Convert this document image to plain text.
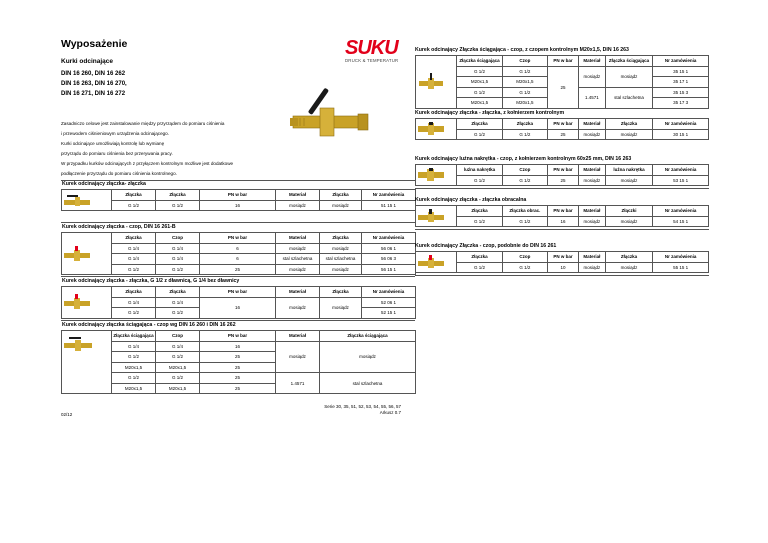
Wyposażenie
Kurki odcinające
DIN 16 260, DIN 16 262
DIN 16 263, DIN 16 270,
DIN 16 271, DIN 16 272
SUKU
DRUCK & TEMPERATUR
Zasadniczo celowe jest zainstalowanie między przyrządem do pomiaru ciśnienia
i przewodem ciśnieniowym urządzenia odcinającego.
Kurki odcinające umożliwiają kontrolę lub wymianę
przyrządu do pomiaru ciśnienia bez przerywania pracy.
W przypadku kurków odcinających z przyłączem kontrolnym możliwe jest dodatkowe
podłączenie przyrządu do pomiaru ciśnienia kontrolnego.
Kurek odcinający Złączka ściągająca - czop, z czopem kontrolnym M20x1,5, DIN 16 263
	Złączka ściągająca	Czop	PN w bar	Materiał	Złączka ściągająca	Nr zamówienia
	G 1/2	G 1/2	25	mosiądz	mosiądz	35 15 1
	M20x1,5	M20x1,5				35 17 1
	G 1/2	G 1/2		1.4571	stal szlachetna	35 15 3
	M20x1,5	M20x1,5				35 17 3
Kurek odcinający złączka - złączka, z kołnierzem kontrolnym
	Złączka	Złączka	PN w bar	Materiał	Złączka	Nr zamówienia
	G 1/2	G 1/2	25	mosiądz	mosiądz	30 15 1
Kurek odcinający luźna nakrętka - czop, z kołnierzem kontrolnym 60x25 mm, DIN 16 263
	luźna nakrętka	Czop	PN w bar	Materiał	luźna nakrętka	Nr zamówienia
	G 1/2	G 1/2	25	mosiądz	mosiądz	53 15 1
Kurek odcinający złączka- złączka
	Złączka	Złączka	PN w bar	Materiał	Złączka	Nr zamówienia
	G 1/2	G 1/2	16	mosiądz	mosiądz	51 15 1
Kurek odcinający złączka - złączka obracalna
	Złączka	Złączka obrac.	PN w bar	Materiał	Złączki	Nr zamówienia
	G 1/2	G 1/2	16	mosiądz	mosiądz	54 15 1
Kurek odcinający złączka - czop, DIN 16 261-B
	Złączka	Czop	PN w bar	Materiał	Złączka	Nr zamówienia
	G 1/4	G 1/4	6	mosiądz	mosiądz	56 06 1
	G 1/4	G 1/4	6	stal szlachetna	stal szlachetna	56 06 3
	G 1/2	G 1/2	25	mosiądz	mosiądz	56 15 1
Kurek odcinający Złączka - czop, podobnie do DIN 16 261
	Złączka	Czop	PN w bar	Materiał	Złączka	Nr zamówienia
	G 1/2	G 1/2	10	mosiądz	mosiądz	55 15 1
Kurek odcinający złączka - złączka, G 1/2 z dławnicą, G 1/4 bez dławnicy
	Złączka	Złączka	PN w bar	Materiał	Złączka	Nr zamówienia
	G 1/4	G 1/4	16	mosiądz	mosiądz	52 06 1
	G 1/2	G 1/2				52 15 1
Kurek odcinający złączka ściągająca - czop wg DIN 16 260 i DIN 16 262
	Złączka ściągająca	Czop	PN w bar	Materiał	Złączka ściągająca	
	G 1/4	G 1/4	16	mosiądz	mosiądz	
	G 1/2	G 1/2	25	
	M20x1,5	M20x1,5	25	
	G 1/2	G 1/2	25	1.4571	stal szlachetna	
	M20x1,5	M20x1,5	25	
02/12
Serie 30, 35, 51, 52, 53, 54, 55, 56, 57
Arkusz 0.7
